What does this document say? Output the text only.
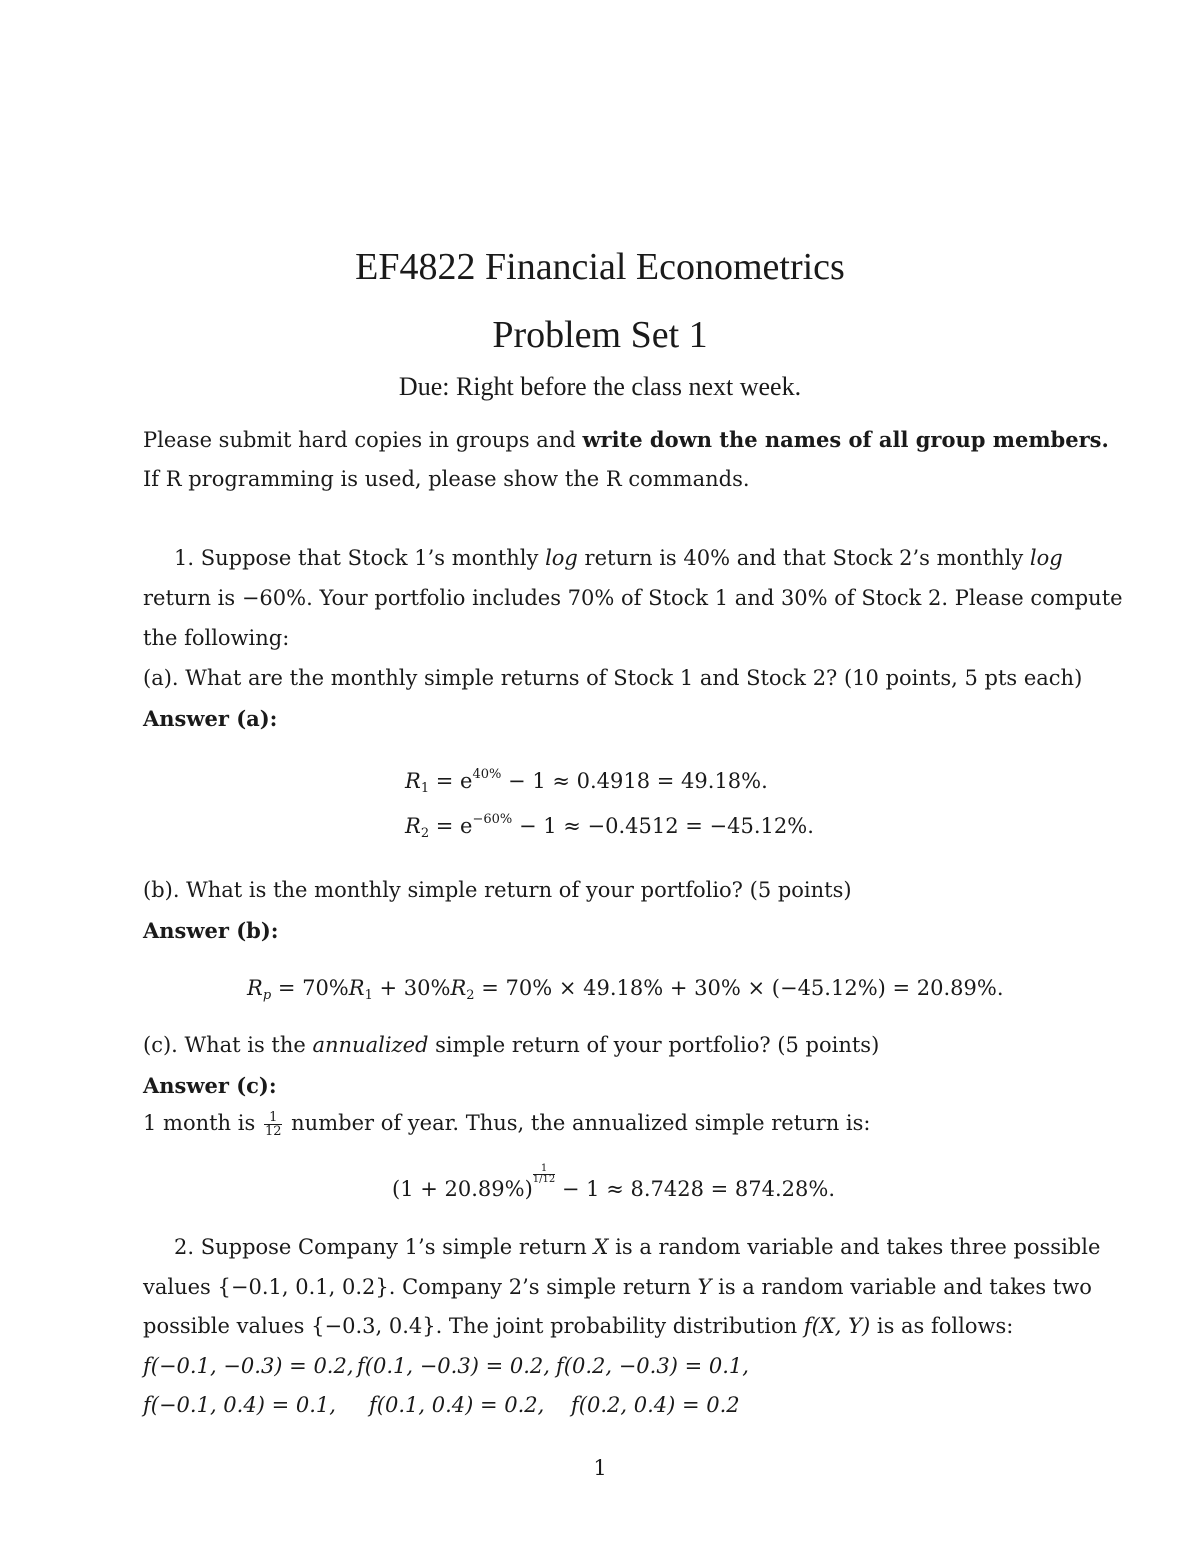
EF4822 Financial Econometrics
Problem Set 1
Due: Right before the class next week.
Please submit hard copies in groups and write down the names of all group members.
If R programming is used, please show the R commands.
1. Suppose that Stock 1’s monthly log return is 40% and that Stock 2’s monthly log
return is −60%. Your portfolio includes 70% of Stock 1 and 30% of Stock 2. Please compute
the following:
(a). What are the monthly simple returns of Stock 1 and Stock 2? (10 points, 5 pts each)
Answer (a):
$R_1 = e^{40\%} - 1 \approx 0.4918 = 49.18\%$.
$R_2 = e^{-60\%} - 1 \approx -0.4512 = -45.12\%$.
(b). What is the monthly simple return of your portfolio? (5 points)
Answer (b):
$R_p = 70\%R_1 + 30\%R_2 = 70\% \times 49.18\% + 30\% \times (-45.12\%) = 20.89\%$.
(c). What is the annualized simple return of your portfolio? (5 points)
Answer (c):
1 month is $\frac{1}{12}$ number of year. Thus, the annualized simple return is:
(1 + 20.89%)
$\frac{1}{1/12}$
− 1 ≈ 8.7428 = 874.28%.
2. Suppose Company 1’s simple return X is a random variable and takes three possible
values {−0.1, 0.1, 0.2}. Company 2’s simple return Y is a random variable and takes two
possible values {−0.3, 0.4}. The joint probability distribution f(X, Y) is as follows:
f(−0.1, −0.3) = 0.2, f(0.1, −0.3) = 0.2, f(0.2, −0.3) = 0.1,
f(−0.1, 0.4) = 0.1, f(0.1, 0.4) = 0.2, f(0.2, 0.4) = 0.2
1
